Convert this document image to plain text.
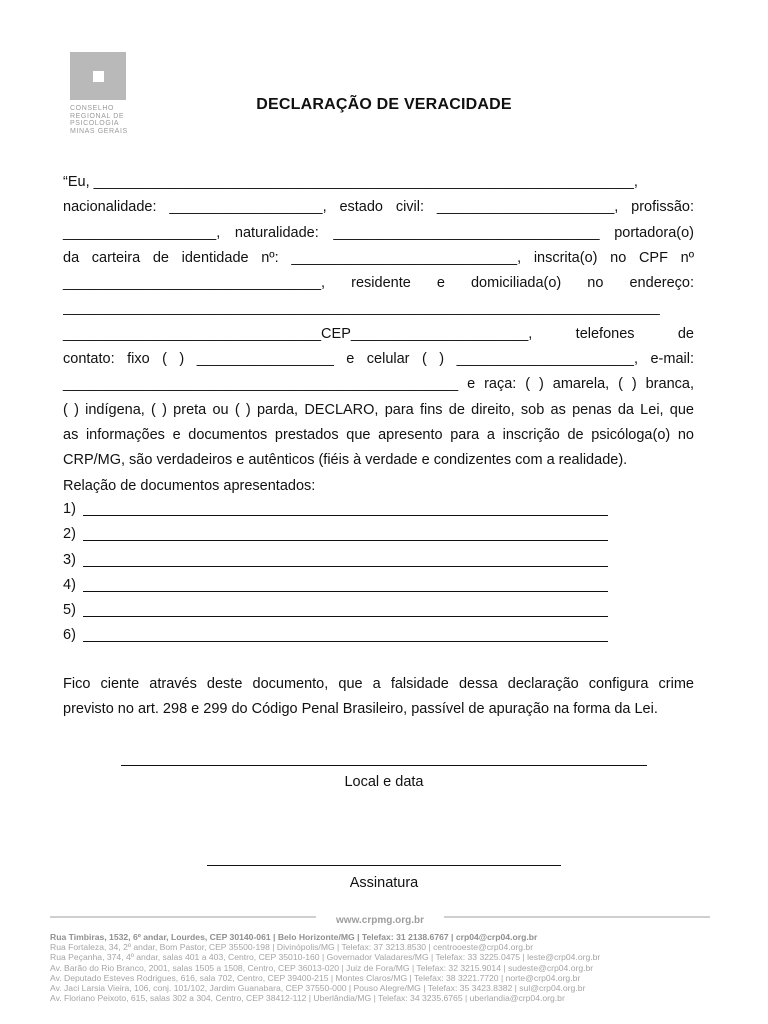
CONSELHO
REGIONAL DE
PSICOLOGIA
MINAS GERAIS
DECLARAÇÃO DE VERACIDADE
“Eu, ___________________________________________________________________,
nacionalidade: ___________________, estado civil: ______________________, profissão:
___________________, naturalidade: _________________________________ portadora(o)
da carteira de identidade nº: ____________________________, inscrita(o) no CPF nº
________________________________, residente e domiciliada(o) no endereço:
__________________________________________________________________________
________________________________CEP______________________, telefones de
contato: fixo ( ) _________________ e celular ( ) ______________________, e-mail:
_________________________________________________ e raça: ( ) amarela, ( ) branca,
( ) indígena, ( ) preta ou ( ) parda, DECLARO, para fins de direito, sob as penas da Lei, que
as informações e documentos prestados que apresento para a inscrição de psicóloga(o) no
CRP/MG, são verdadeiros e autênticos (fiéis à verdade e condizentes com a realidade).
Relação de documentos apresentados:
1)
2)
3)
4)
5)
6)
Fico ciente através deste documento, que a falsidade dessa declaração configura crime
previsto no art. 298 e 299 do Código Penal Brasileiro, passível de apuração na forma da Lei.
Local e data
Assinatura
www.crpmg.org.br
Rua Timbiras, 1532, 6º andar, Lourdes, CEP 30140-061 | Belo Horizonte/MG | Telefax: 31 2138.6767 | crp04@crp04.org.br
Rua Fortaleza, 34, 2º andar, Bom Pastor, CEP 35500-198 | Divinópolis/MG | Telefax: 37 3213.8530 | centrooeste@crp04.org.br
Rua Peçanha, 374, 4º andar, salas 401 a 403, Centro, CEP 35010-160 | Governador Valadares/MG | Telefax: 33 3225.0475 | leste@crp04.org.br
Av. Barão do Rio Branco, 2001, salas 1505 a 1508, Centro, CEP 36013-020 | Juiz de Fora/MG | Telefax: 32 3215.9014 | sudeste@crp04.org.br
Av. Deputado Esteves Rodrigues, 616, sala 702, Centro, CEP 39400-215 | Montes Claros/MG | Telefax: 38 3221.7720 | norte@crp04.org.br
Av. Jaci Larsia Vieira, 106, conj. 101/102, Jardim Guanabara, CEP 37550-000 | Pouso Alegre/MG | Telefax: 35 3423.8382 | sul@crp04.org.br
Av. Floriano Peixoto, 615, salas 302 a 304, Centro, CEP 38412-112 | Uberlândia/MG | Telefax: 34 3235.6765 | uberlandia@crp04.org.br
